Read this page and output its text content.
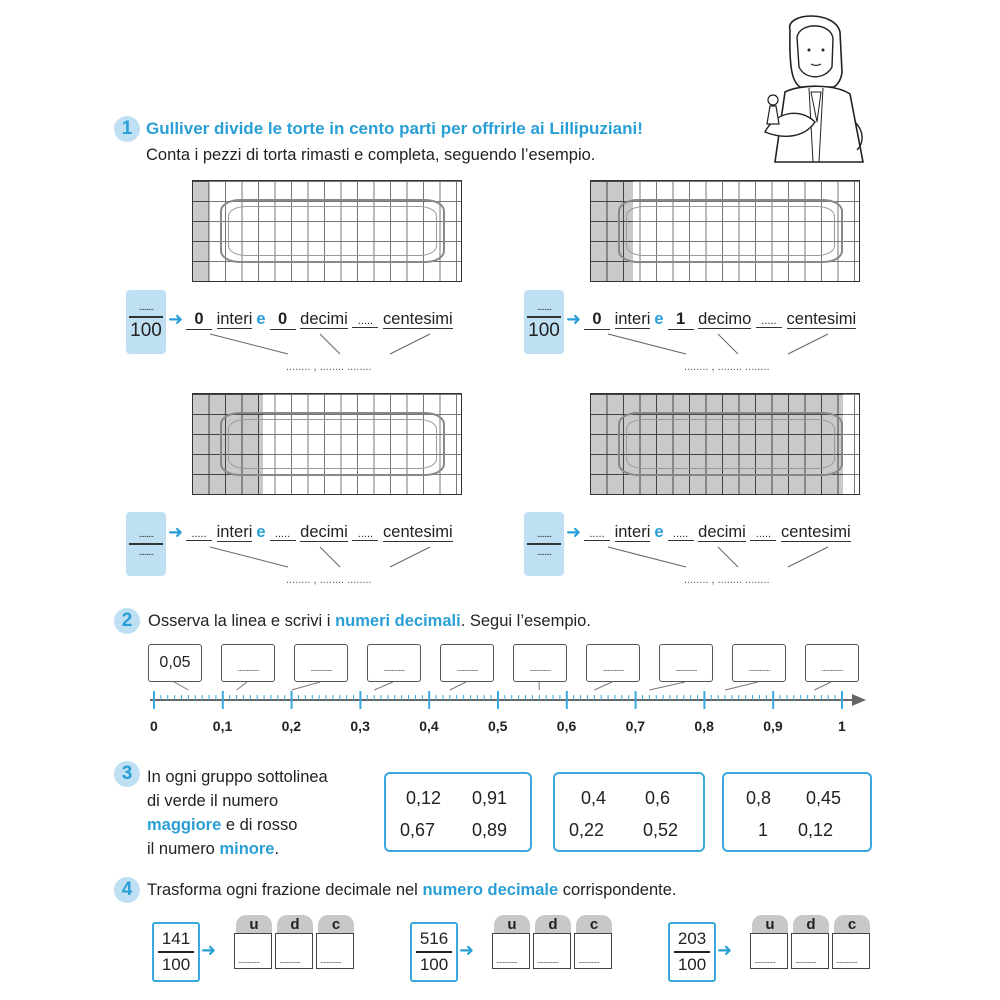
1 Gulliver divide le torte in cento parti per offrirle ai Lillipuziani!
Conta i pezzi di torta rimasti e completa, seguendo l’esempio.
........
100
➜ 0 interi e 0 decimi ..... centesimi
........ , ........ ........
........
100
➜ 0 interi e 1 decimo ..... centesimi
........ , ........ ........
........
........
➜ ..... interi e ..... decimi ..... centesimi
........ , ........ ........
........
........
➜ ..... interi e ..... decimi ..... centesimi
........ , ........ ........
2 Osserva la linea e scrivi i numeri decimali. Segui l’esempio.
0,05	..............	..............	..............	..............	..............	..............	..............	..............	..............
0	0,1	0,2	0,3	0,4	0,5	0,6	0,7	0,8	0,9	1
3 In ogni gruppo sottolinea
di verde il numero
maggiore e di rosso
il numero minore.
0,12 0,91
0,67 0,89
0,4 0,6
0,22 0,52
0,8 0,45
1 0,12
4 Trasforma ogni frazione decimale nel numero decimale corrispondente.
141
100
➜
u
..............
d
..............
c
..............
516
100
➜
u
..............
d
..............
c
..............
203
100
➜
u
..............
d
..............
c
..............
